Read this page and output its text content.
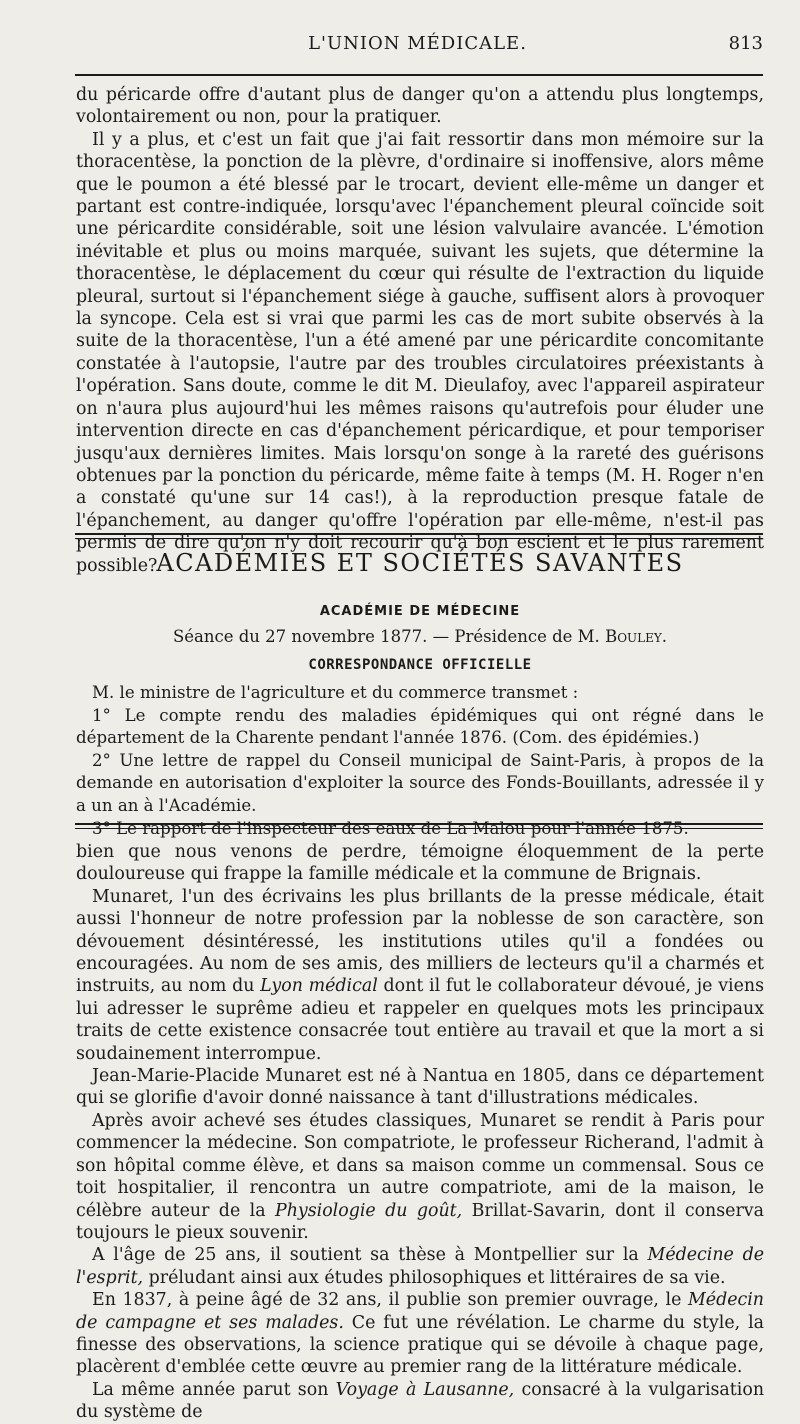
L'UNION MÉDICALE.	813

du péricarde offre d'autant plus de danger qu'on a attendu plus longtemps, volontairement ou non, pour la pratiquer.

Il y a plus, et c'est un fait que j'ai fait ressortir dans mon mémoire sur la thoracentèse, la ponction de la plèvre, d'ordinaire si inoffensive, alors même que le poumon a été blessé par le trocart, devient elle-même un danger et partant est contre-indiquée, lorsqu'avec l'épanchement pleural coïncide soit une péricardite considérable, soit une lésion valvulaire avancée. L'émotion inévitable et plus ou moins marquée, suivant les sujets, que détermine la thoracentèse, le déplacement du cœur qui résulte de l'extraction du liquide pleural, surtout si l'épanchement siége à gauche, suffisent alors à provoquer la syncope. Cela est si vrai que parmi les cas de mort subite observés à la suite de la thoracentèse, l'un a été amené par une péricardite concomitante constatée à l'autopsie, l'autre par des troubles circulatoires préexistants à l'opération. Sans doute, comme le dit M. Dieulafoy, avec l'appareil aspirateur on n'aura plus aujourd'hui les mêmes raisons qu'autrefois pour éluder une intervention directe en cas d'épanchement péricardique, et pour temporiser jusqu'aux dernières limites. Mais lorsqu'on songe à la rareté des guérisons obtenues par la ponction du péricarde, même faite à temps (M. H. Roger n'en a constaté qu'une sur 14 cas!), à la reproduction presque fatale de l'épanchement, au danger qu'offre l'opération par elle-même, n'est-il pas permis de dire qu'on n'y doit recourir qu'à bon escient et le plus rarement possible? ACADÉMIES ET SOCIÉTÉS SAVANTES
ACADÉMIE DE MÉDECINE
Séance du 27 novembre 1877. — Présidence de M. Bouley.
CORRESPONDANCE OFFICIELLE

M. le ministre de l'agriculture et du commerce transmet :

1° Le compte rendu des maladies épidémiques qui ont régné dans le département de la Charente pendant l'année 1876. (Com. des épidémies.)

2° Une lettre de rappel du Conseil municipal de Saint-Paris, à propos de la demande en autorisation d'exploiter la source des Fonds-Bouillants, adressée il y a un an à l'Académie.

3° Le rapport de l'inspecteur des eaux de La Malou pour l'année 1875.

bien que nous venons de perdre, témoigne éloquemment de la perte douloureuse qui frappe la famille médicale et la commune de Brignais.

Munaret, l'un des écrivains les plus brillants de la presse médicale, était aussi l'honneur de notre profession par la noblesse de son caractère, son dévouement désintéressé, les institutions utiles qu'il a fondées ou encouragées. Au nom de ses amis, des milliers de lecteurs qu'il a charmés et instruits, au nom du Lyon médical dont il fut le collaborateur dévoué, je viens lui adresser le suprême adieu et rappeler en quelques mots les principaux traits de cette existence consacrée tout entière au travail et que la mort a si soudainement interrompue.

Jean-Marie-Placide Munaret est né à Nantua en 1805, dans ce département qui se glorifie d'avoir donné naissance à tant d'illustrations médicales.

Après avoir achevé ses études classiques, Munaret se rendit à Paris pour commencer la médecine. Son compatriote, le professeur Richerand, l'admit à son hôpital comme élève, et dans sa maison comme un commensal. Sous ce toit hospitalier, il rencontra un autre compatriote, ami de la maison, le célèbre auteur de la Physiologie du goût, Brillat-Savarin, dont il conserva toujours le pieux souvenir.

A l'âge de 25 ans, il soutient sa thèse à Montpellier sur la Médecine de l'esprit, préludant ainsi aux études philosophiques et littéraires de sa vie.

En 1837, à peine âgé de 32 ans, il publie son premier ouvrage, le Médecin de campagne et ses malades. Ce fut une révélation. Le charme du style, la finesse des observations, la science pratique qui se dévoile à chaque page, placèrent d'emblée cette œuvre au premier rang de la littérature médicale.

La même année parut son Voyage à Lausanne, consacré à la vulgarisation du système de
